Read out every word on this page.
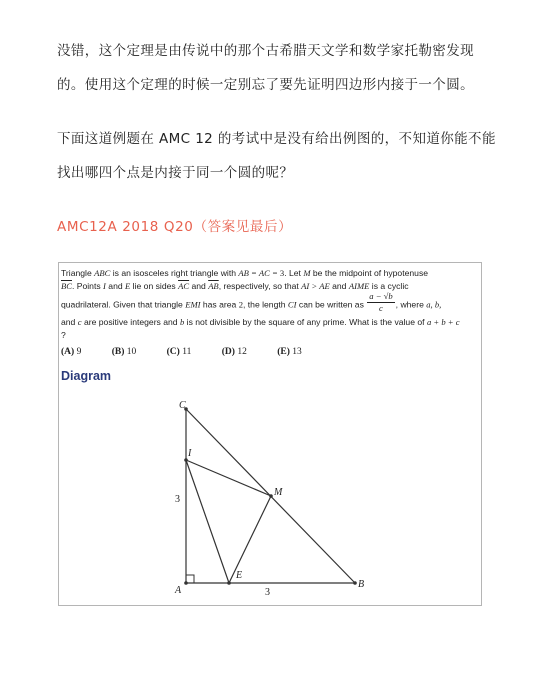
没错，这个定理是由传说中的那个古希腊天文学和数学家托勒密发现的。使用这个定理的时候一定别忘了要先证明四边形内接于一个圆。

下面这道例题在 AMC 12 的考试中是没有给出例图的，不知道你能不能找出哪四个点是内接于同一个圆的呢？

AMC12A 2018 Q20（答案见最后）

Triangle ABC is an isosceles right triangle with AB = AC = 3. Let M be the midpoint of hypotenuse
$\overline{BC}$. Points I and E lie on sides $\overline{AC}$ and $\overline{AB}$, respectively, so that AI > AE and AIME is a cyclic
quadrilateral. Given that triangle EMI has area 2, the length CI can be written as $\frac{a - √b}{c}$ , where a, b,
and c are positive integers and b is not divisible by the square of any prime. What is the value of a + b + c
?
(A) 9	(B) 10	(C) 11	(D) 12	(E) 13

Diagram

C
I
M
E
A
B
3
3
